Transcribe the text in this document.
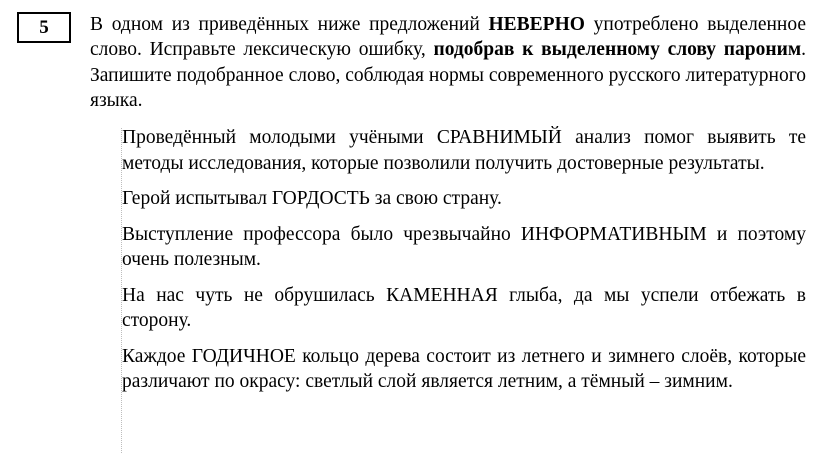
5 В одном из приведённых ниже предложений НЕВЕРНО употреблено выделенное слово. Исправьте лексическую ошибку, подобрав к выделенному слову пароним. Запишите подобранное слово, соблюдая нормы современного русского литературного языка.

Проведённый молодыми учёными СРАВНИМЫЙ анализ помог выявить те методы исследования, которые позволили получить достоверные результаты.

Герой испытывал ГОРДОСТЬ за свою страну.

Выступление профессора было чрезвычайно ИНФОРМАТИВНЫМ и поэтому очень полезным.

На нас чуть не обрушилась КАМЕННАЯ глыба, да мы успели отбежать в сторону.

Каждое ГОДИЧНОЕ кольцо дерева состоит из летнего и зимнего слоёв, которые различают по окрасу: светлый слой является летним, а тёмный – зимним.
